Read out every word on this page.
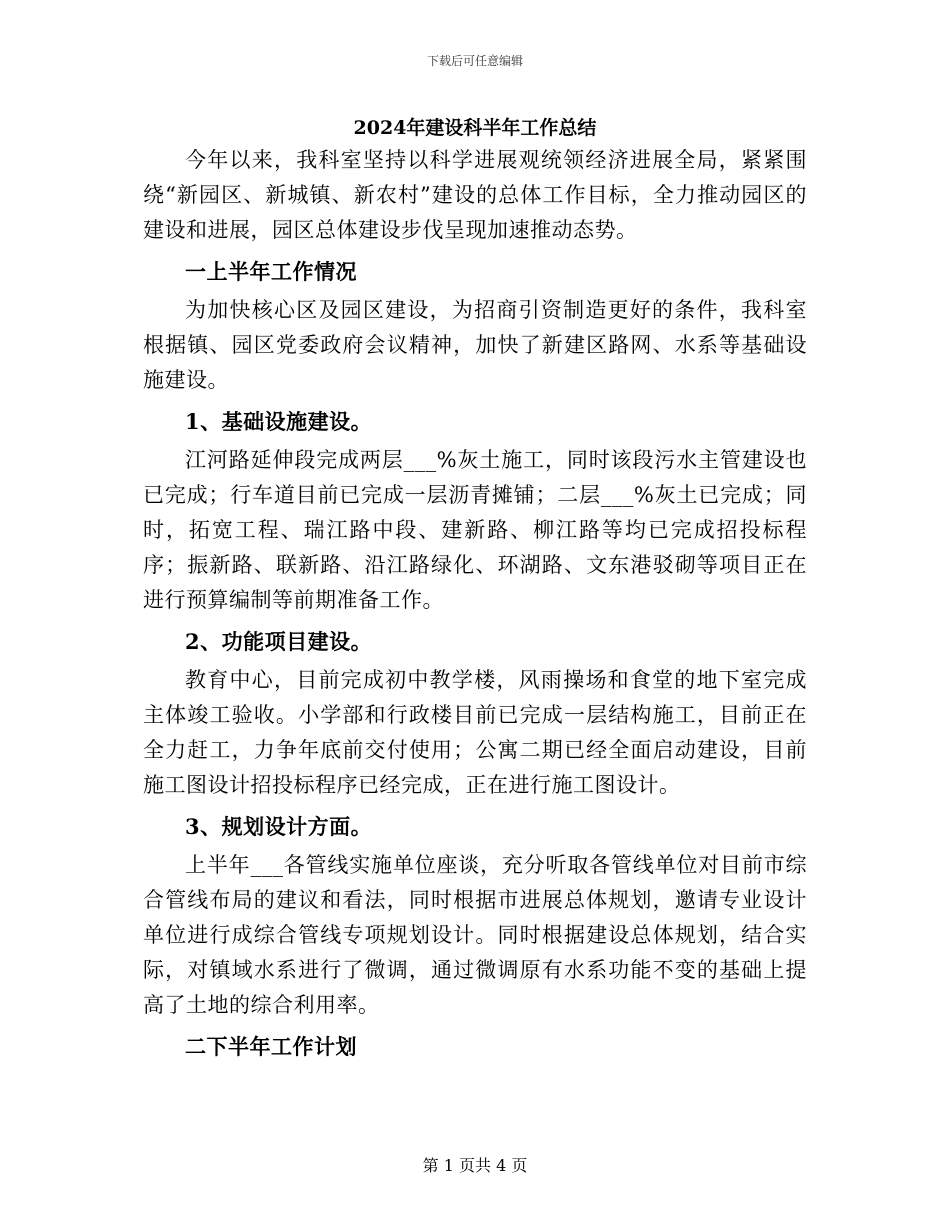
下载后可任意编辑
2024年建设科半年工作总结

今年以来，我科室坚持以科学进展观统领经济进展全局，紧紧围绕“新园区、新城镇、新农村”建设的总体工作目标，全力推动园区的建设和进展，园区总体建设步伐呈现加速推动态势。

一上半年工作情况

为加快核心区及园区建设，为招商引资制造更好的条件，我科室根据镇、园区党委政府会议精神，加快了新建区路网、水系等基础设施建设。

1、基础设施建设。

江河路延伸段完成两层___%灰土施工，同时该段污水主管建设也已完成；行车道目前已完成一层沥青摊铺；二层___%灰土已完成；同时，拓宽工程、瑞江路中段、建新路、柳江路等均已完成招投标程序；振新路、联新路、沿江路绿化、环湖路、文东港驳砌等项目正在进行预算编制等前期准备工作。

2、功能项目建设。

教育中心，目前完成初中教学楼，风雨操场和食堂的地下室完成主体竣工验收。小学部和行政楼目前已完成一层结构施工，目前正在全力赶工，力争年底前交付使用；公寓二期已经全面启动建设，目前施工图设计招投标程序已经完成，正在进行施工图设计。

3、规划设计方面。

上半年___各管线实施单位座谈，充分听取各管线单位对目前市综合管线布局的建议和看法，同时根据市进展总体规划，邀请专业设计单位进行成综合管线专项规划设计。同时根据建设总体规划，结合实际，对镇域水系进行了微调，通过微调原有水系功能不变的基础上提高了土地的综合利用率。

二下半年工作计划

第 1 页共 4 页
